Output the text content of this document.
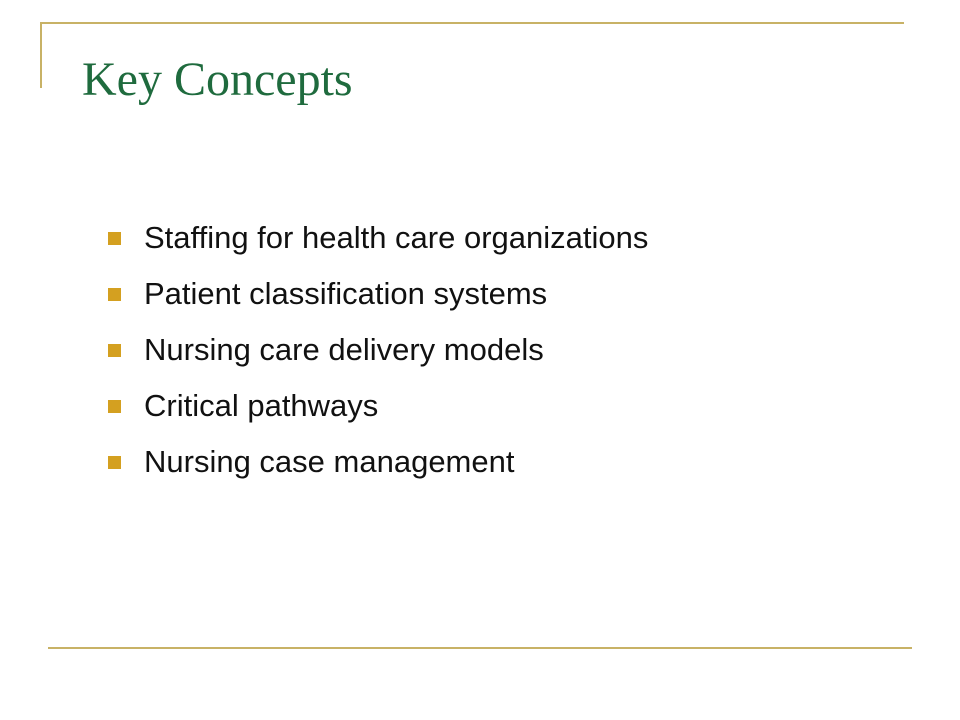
Key Concepts
Staffing for health care organizations
Patient classification systems
Nursing care delivery models
Critical pathways
Nursing case management
